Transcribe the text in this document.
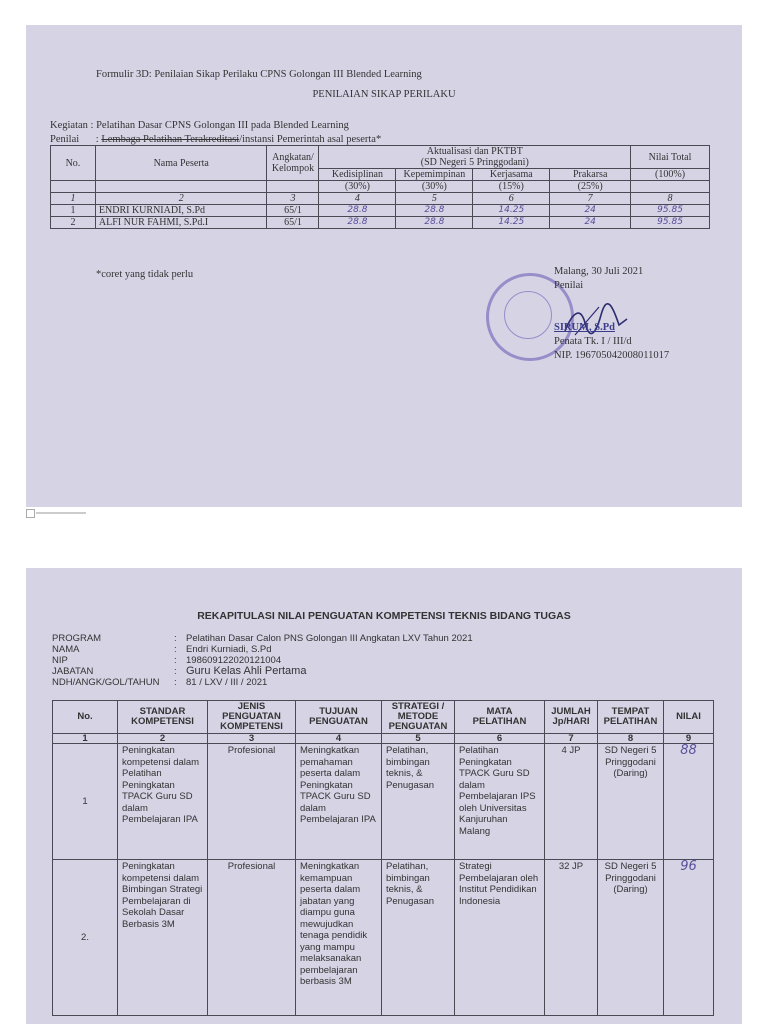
Formulir 3D: Penilaian Sikap Perilaku CPNS Golongan III Blended Learning
PENILAIAN SIKAP PERILAKU
Kegiatan : Pelatihan Dasar CPNS Golongan III pada Blended Learning
Penilai : Lembaga Pelatihan Terakreditasi/instansi Pemerintah asal peserta*
No.	Nama Peserta	Angkatan/ Kelompok	Aktualisasi dan PKTBT				Nilai Total
			(SD Negeri 5 Pringgodani)				
			Kedisiplinan	Kepemimpinan	Kerjasama	Prakarsa	(100%)
			(30%)	(30%)	(15%)	(25%)	
1	2	3	4	5	6	7	8
1	ENDRI KURNIADI, S.Pd	65/1	28.8	28.8	14.25	24	95.85
2	ALFI NUR FAHMI, S.Pd.I	65/1	28.8	28.8	14.25	24	95.85
*coret yang tidak perlu	Malang, 30 Juli 2021
Penilai
SIRUM, S.Pd
Penata Tk. I / III/d
NIP. 196705042008011017
REKAPITULASI NILAI PENGUATAN KOMPETENSI TEKNIS BIDANG TUGAS
PROGRAM	: Pelatihan Dasar Calon PNS Golongan III Angkatan LXV Tahun 2021
NAMA	: Endri Kurniadi, S.Pd
NIP	: 198609122020121004
JABATAN	: Guru Kelas Ahli Pertama
NDH/ANGK/GOL/TAHUN	: 81 / LXV / III / 2021
No.	STANDAR KOMPETENSI	JENIS PENGUATAN KOMPETENSI	TUJUAN PENGUATAN	STRATEGI / METODE PENGUATAN	MATA PELATIHAN	JUMLAH Jp/HARI	TEMPAT PELATIHAN	NILAI
1	2	3	4	5	6	7	8	9
1	Peningkatan kompetensi dalam Pelatihan Peningkatan TPACK Guru SD dalam Pembelajaran IPA	Profesional	Meningkatkan pemahaman peserta dalam Peningkatan TPACK Guru SD dalam Pembelajaran IPA	Pelatihan, bimbingan teknis, & Penugasan	Pelatihan Peningkatan TPACK Guru SD dalam Pembelajaran IPS oleh Universitas Kanjuruhan Malang	4 JP	SD Negeri 5 Pringgodani (Daring)	88
2.	Peningkatan kompetensi dalam Bimbingan Strategi Pembelajaran di Sekolah Dasar Berbasis 3M	Profesional	Meningkatkan kemampuan peserta dalam jabatan yang diampu guna mewujudkan tenaga pendidik yang mampu melaksanakan pembelajaran berbasis 3M	Pelatihan, bimbingan teknis, & Penugasan	Strategi Pembelajaran oleh Institut Pendidikan Indonesia	32 JP	SD Negeri 5 Pringgodani (Daring)	96
